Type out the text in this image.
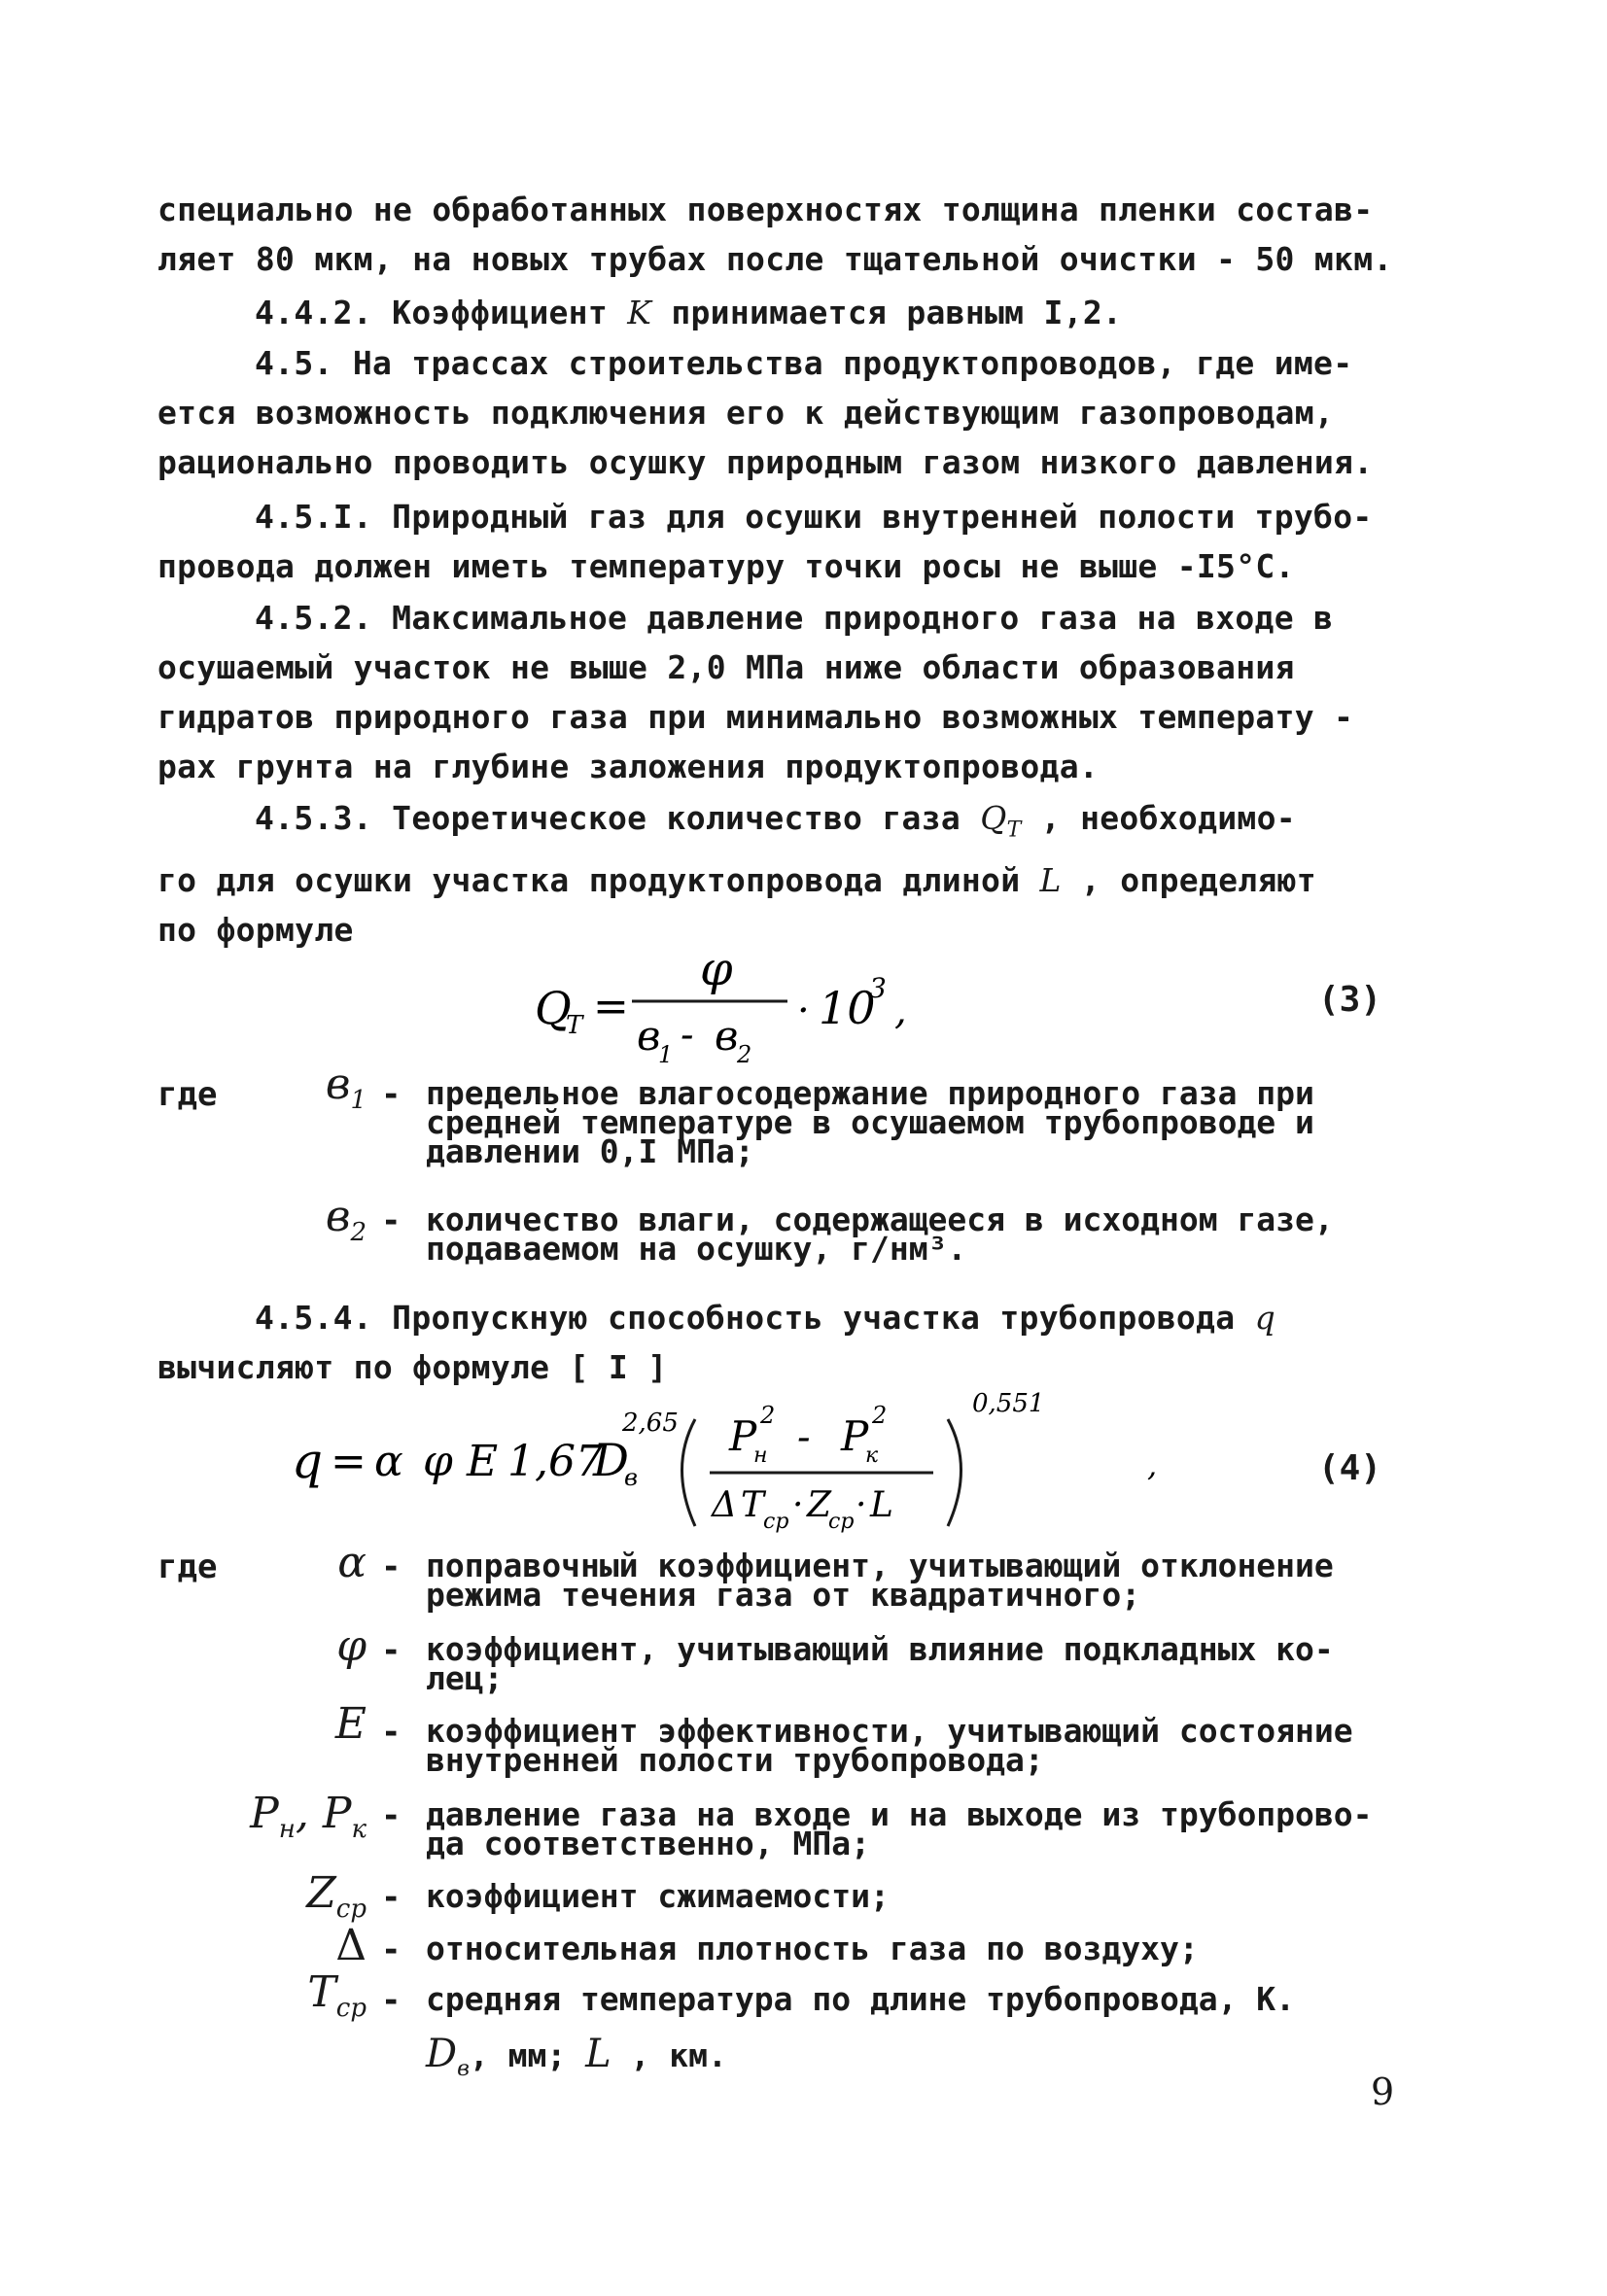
специально не обработанных поверхностях толщина пленки состав-
ляет 80 мкм, на новых трубах после тщательной очистки - 50 мкм.

4.4.2. Коэффициент K принимается равным I,2.

4.5. На трассах строительства продуктопроводов, где име-
ется возможность подключения его к действующим газопроводам,
рационально проводить осушку природным газом низкого давления.

4.5.I. Природный газ для осушки внутренней полости трубо-
провода должен иметь температуру точки росы не выше -I5°С.

4.5.2. Максимальное давление природного газа на входе в
осушаемый участок не выше 2,0 МПа ниже области образования
гидратов природного газа при минимально возможных температу -
рах грунта на глубине заложения продуктопровода.

4.5.3. Теоретическое количество газа $Q_T$ , необходимо-
го для осушки участка продуктопровода длиной L , определяют
по формуле

Q
T =
φ
в
1 - в
2
· 10
3
,	(3)
где	$в_1$ - предельное влагосодержание природного газа при
средней температуре в осушаемом трубопроводе и
давлении 0,I МПа;

$в_2$ - количество влаги, содержащееся в исходном газе,
подаваемом на осушку, г/нм³.

4.5.4. Пропускную способность участка трубопровода q
вычисляют по формуле [ I ]

q = α φ E 1,67
D
в
2,65 P
н
2 - P
к
2
Δ T
ср · Z
ср · L
0,551
,	(4)
где	α - поправочный коэффициент, учитывающий отклонение
режима течения газа от квадратичного;

φ - коэффициент, учитывающий влияние подкладных ко-
лец;

E - коэффициент эффективности, учитывающий состояние
внутренней полости трубопровода;

$P_н$, $P_к$ - давление газа на входе и на выходе из трубопрово-
да соответственно, МПа;

$Z_{ср}$ - коэффициент сжимаемости;

Δ - относительная плотность газа по воздуху;

$T_{ср}$ - средняя температура по длине трубопровода, К.

$D_в$, мм; L , км.

9
